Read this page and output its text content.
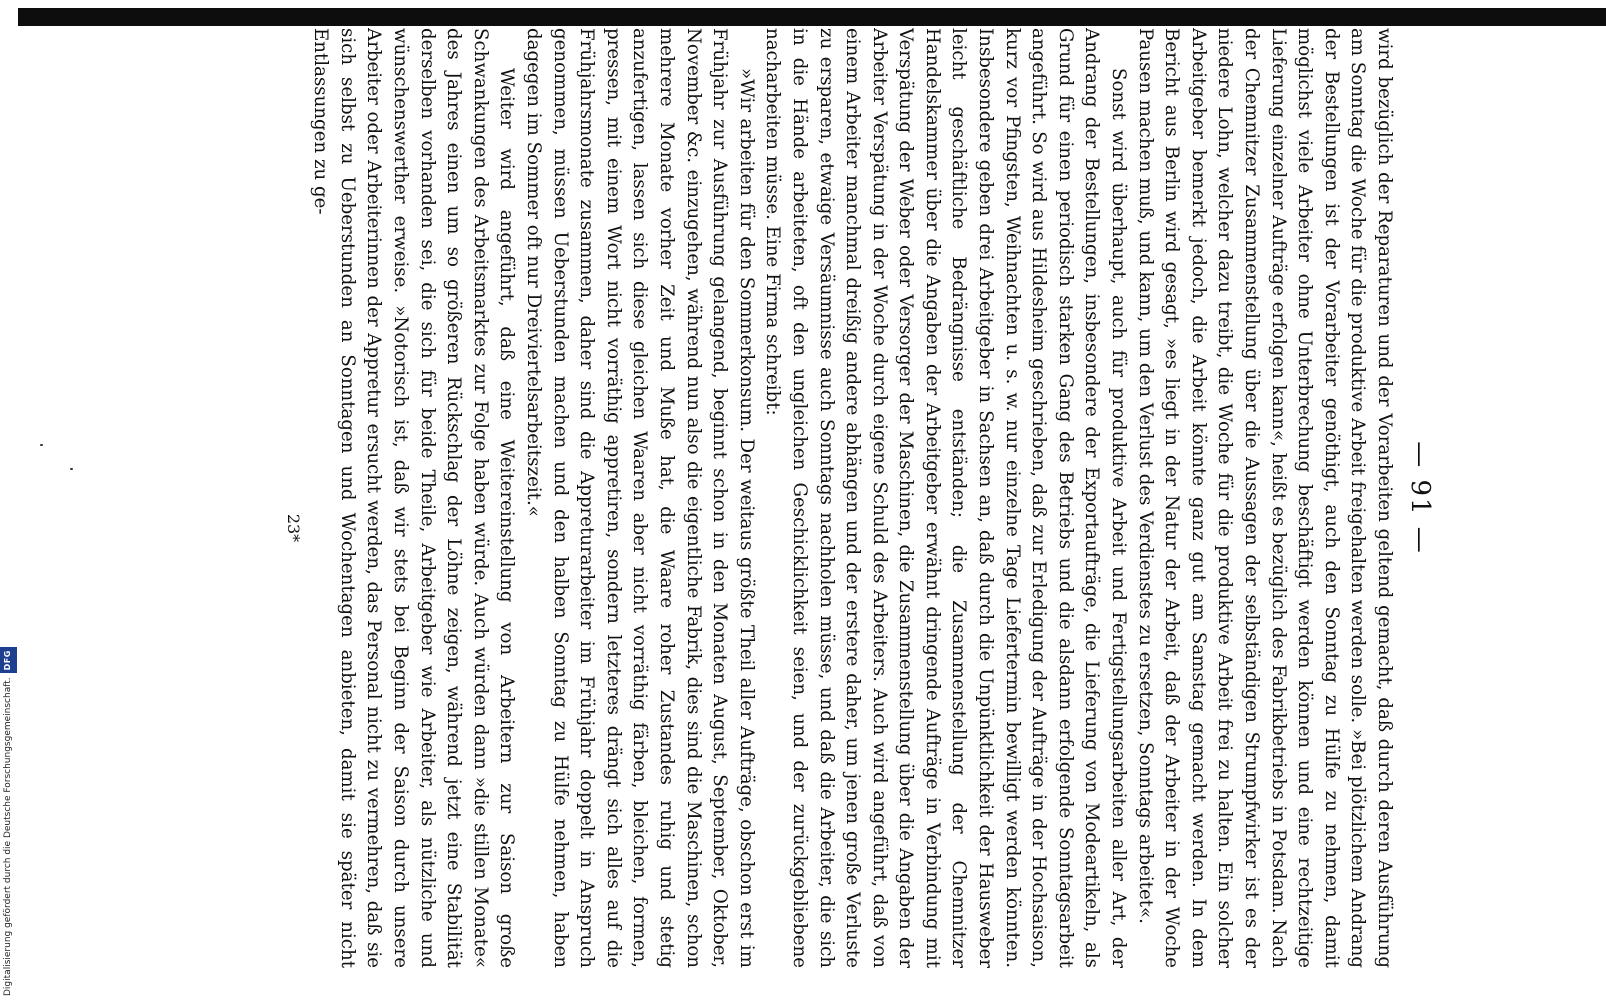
— 91 —

wird bezüglich der Reparaturen und der Vorarbeiten geltend gemacht, daß durch deren Ausführung am Sonntag die Woche für die produktive Arbeit freigehalten werden solle. »Bei plötzlichem Andrang der Bestellungen ist der Vorarbeiter genöthigt, auch den Sonntag zu Hülfe zu nehmen, damit möglichst viele Arbeiter ohne Unterbrechung beschäftigt werden können und eine rechtzeitige Lieferung einzelner Aufträge erfolgen kann«, heißt es bezüglich des Fabrikbetriebs in Potsdam. Nach der Chemnitzer Zusammenstellung über die Aussagen der selbständigen Strumpfwirker ist es der niedere Lohn, welcher dazu treibt, die Woche für die produktive Arbeit frei zu halten. Ein solcher Arbeitgeber bemerkt jedoch, die Arbeit könnte ganz gut am Samstag gemacht werden. In dem Bericht aus Berlin wird gesagt, »es liegt in der Natur der Arbeit, daß der Arbeiter in der Woche Pausen machen muß, und kann, um den Verlust des Verdienstes zu ersetzen, Sonntags arbeitet«.

Sonst wird überhaupt, auch für produktive Arbeit und Fertigstellungsarbeiten aller Art, der Andrang der Bestellungen, insbesondere der Exportaufträge, die Lieferung von Modeartikeln, als Grund für einen periodisch starken Gang des Betriebs und die alsdann erfolgende Sonntagsarbeit angeführt. So wird aus Hildesheim geschrieben, daß zur Erledigung der Aufträge in der Hochsaison, kurz vor Pfingsten, Weihnachten u. s. w. nur einzelne Tage Liefertermin bewilligt werden könnten. Insbesondere geben drei Arbeitgeber in Sachsen an, daß durch die Unpünktlichkeit der Hausweber leicht geschäftliche Bedrängnisse entständen; die Zusammenstellung der Chemnitzer Handelskammer über die Angaben der Arbeitgeber erwähnt dringende Aufträge in Verbindung mit Verspätung der Weber oder Versorger der Maschinen, die Zusammenstellung über die Angaben der Arbeiter Verspätung in der Woche durch eigene Schuld des Arbeiters. Auch wird angeführt, daß von einem Arbeiter manchmal dreißig andere abhängen und der erstere daher, um jenen große Verluste zu ersparen, etwaige Versäumnisse auch Sonntags nachholen müsse, und daß die Arbeiter, die sich in die Hände arbeiteten, oft den ungleichen Geschicklichkeit seien, und der zurückgebliebene nacharbeiten müsse. Eine Firma schreibt:

»Wir arbeiten für den Sommerkonsum. Der weitaus größte Theil aller Aufträge, obschon erst im Frühjahr zur Ausführung gelangend, beginnt schon in den Monaten August, September, Oktober, November &c. einzugehen, während nun also die eigentliche Fabrik, dies sind die Maschinen, schon mehrere Monate vorher Zeit und Muße hat, die Waare roher Zustandes ruhig und stetig anzufertigen, lassen sich diese gleichen Waaren aber nicht vorräthig färben, bleichen, formen, pressen, mit einem Wort nicht vorräthig appretiren, sondern letzteres drängt sich alles auf die Frühjahrsmonate zusammen, daher sind die Appreturarbeiter im Frühjahr doppelt in Anspruch genommen, müssen Ueberstunden machen und den halben Sonntag zu Hülfe nehmen, haben dagegen im Sommer oft nur Dreiviertelsarbeitszeit.«

Weiter wird angeführt, daß eine Weitereinstellung von Arbeitern zur Saison große Schwankungen des Arbeitsmarktes zur Folge haben würde. Auch würden dann »die stillen Monate« des Jahres einen um so größeren Rückschlag der Löhne zeigen, während jetzt eine Stabilität derselben vorhanden sei, die sich für beide Theile, Arbeitgeber wie Arbeiter, als nützliche und wünschenswerther erweise. »Notorisch ist, daß wir stets bei Beginn der Saison durch unsere Arbeiter oder Arbeiterinnen der Appretur ersucht werden, das Personal nicht zu vermehren, daß sie sich selbst zu Ueberstunden an Sonntagen und Wochentagen anbieten, damit sie später nicht Entlassungen zu ge-

23*
Digitalisierung gefördert durch die Deutsche Forschungsgemeinschaft.
DFG
